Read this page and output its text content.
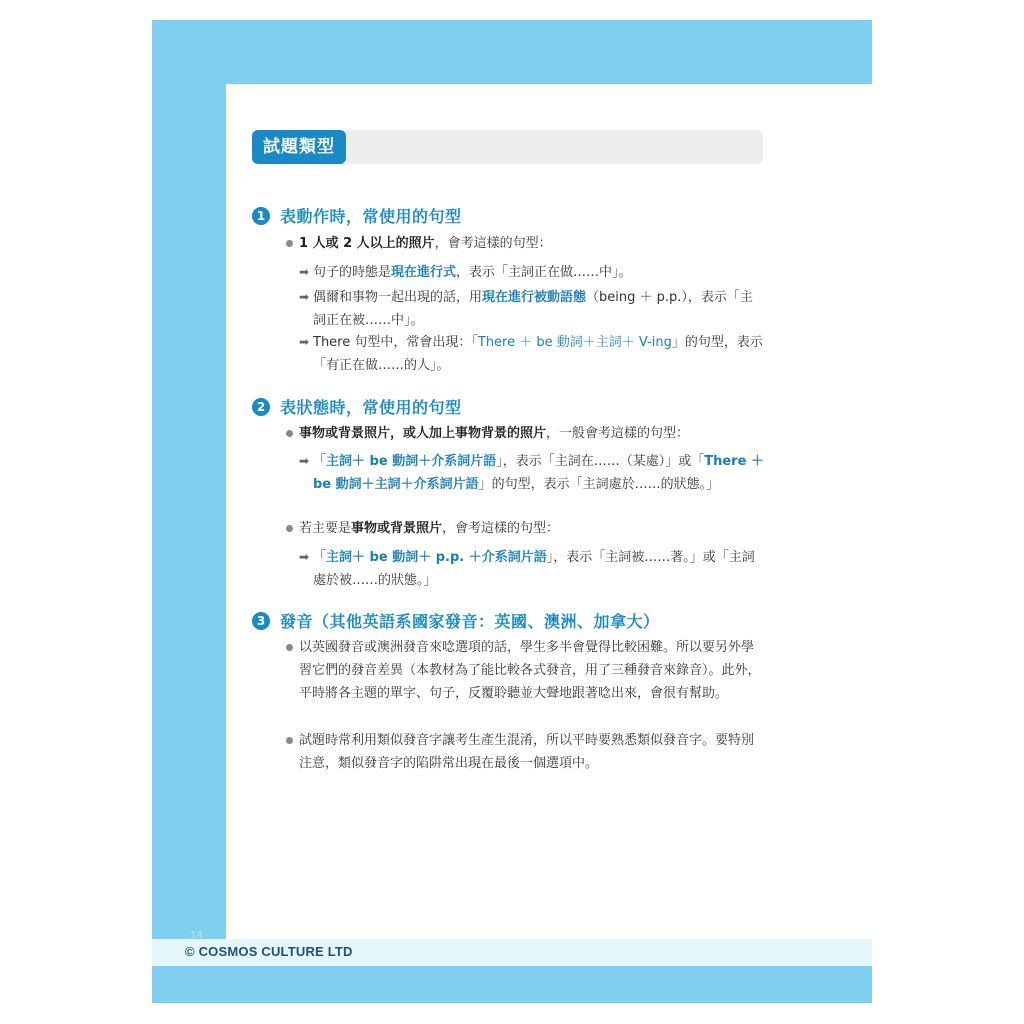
試題類型
1 表動作時，常使用的句型
1 人或 2 人以上的照片，會考這樣的句型：
➡ 句子的時態是現在進行式，表示「主詞正在做……中」。
➡ 偶爾和事物一起出現的話，用現在進行被動語態（being ＋ p.p.），表示「主詞正在被……中」。
➡ There 句型中，常會出現：「There ＋ be 動詞＋主詞＋ V-ing」的句型，表示「有正在做……的人」。
2 表狀態時，常使用的句型
事物或背景照片，或人加上事物背景的照片，一般會考這樣的句型：
➡ 「主詞＋ be 動詞＋介系詞片語」，表示「主詞在……（某處）」或「There ＋ be 動詞＋主詞＋介系詞片語」的句型，表示「主詞處於……的狀態。」
若主要是事物或背景照片，會考這樣的句型：
➡ 「主詞＋ be 動詞＋ p.p. ＋介系詞片語」，表示「主詞被……著。」或「主詞處於被……的狀態。」
3 發音（其他英語系國家發音：英國、澳洲、加拿大）
以英國發音或澳洲發音來唸選項的話，學生多半會覺得比較困難。所以要另外學習它們的發音差異（本教材為了能比較各式發音，用了三種發音來錄音）。此外，平時將各主題的單字、句子，反覆聆聽並大聲地跟著唸出來，會很有幫助。
試題時常利用類似發音字讓考生產生混淆，所以平時要熟悉類似發音字。要特別注意，類似發音字的陷阱常出現在最後一個選項中。
14
© COSMOS CULTURE LTD
